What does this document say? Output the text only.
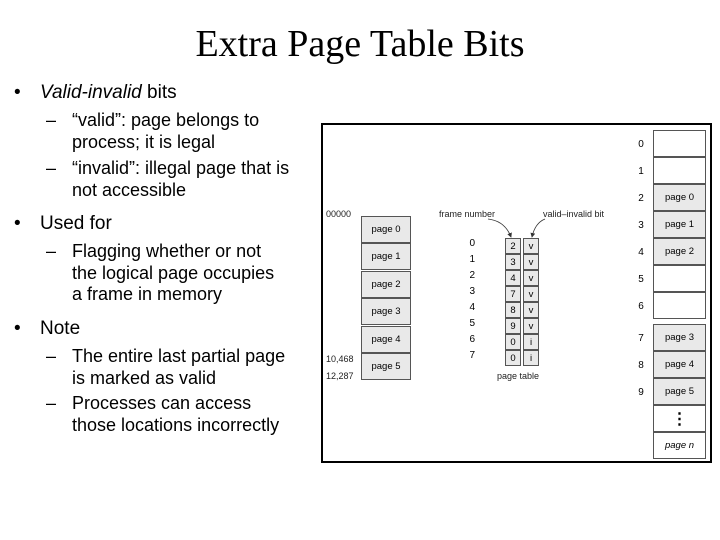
Extra Page Table Bits
• Valid-invalid bits
– “valid”: page belongs to
process; it is legal
– “invalid”: illegal page that is
not accessible
• Used for
– Flagging whether or not
the logical page occupies
a frame in memory
• Note
– The entire last partial page
is marked as valid
– Processes can access
those locations incorrectly
00000
10,468
12,287
frame number	valid–invalid bit
page table
page 0
page 1
page 2
page 3
page 4
page 5
0	2	v
1	3	v
2	4	v
3	7	v
4	8	v
5	9	v
6	0	i
7	0	i
0
1
2	page 0
3	page 1
4	page 2
5
6
7	page 3
8	page 4
9	page 5
⋮
page n
